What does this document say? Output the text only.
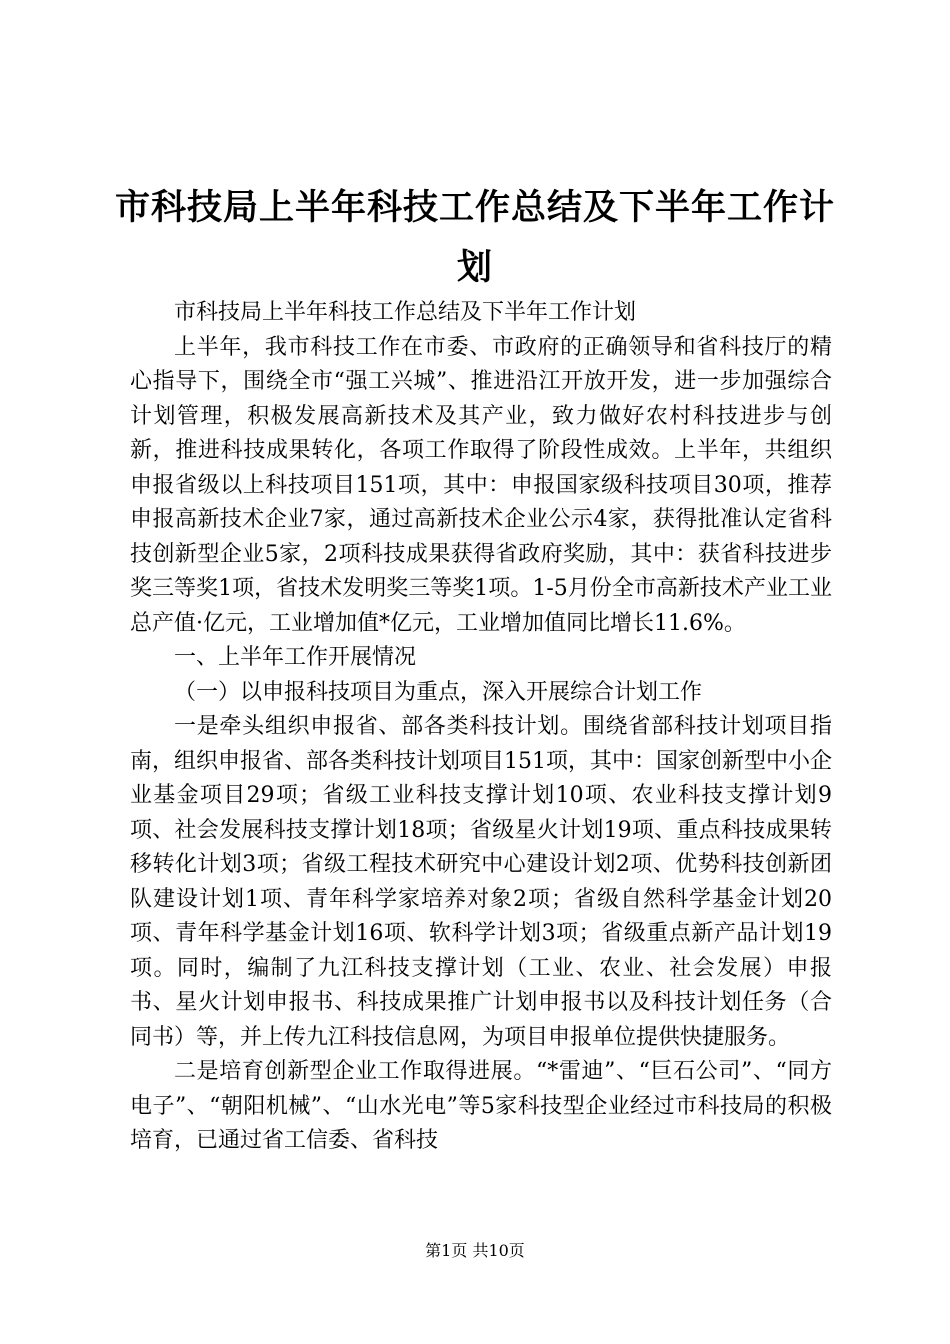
市科技局上半年科技工作总结及下半年工作计划

市科技局上半年科技工作总结及下半年工作计划

上半年，我市科技工作在市委、市政府的正确领导和省科技厅的精心指导下，围绕全市“强工兴城”、推进沿江开放开发，进一步加强综合计划管理，积极发展高新技术及其产业，致力做好农村科技进步与创新，推进科技成果转化，各项工作取得了阶段性成效。上半年，共组织申报省级以上科技项目151项，其中：申报国家级科技项目30项，推荐申报高新技术企业7家，通过高新技术企业公示4家，获得批准认定省科技创新型企业5家，2项科技成果获得省政府奖励，其中：获省科技进步奖三等奖1项，省技术发明奖三等奖1项。1-5月份全市高新技术产业工业总产值·亿元，工业增加值*亿元，工业增加值同比增长11.6%。

一、上半年工作开展情况

（一）以申报科技项目为重点，深入开展综合计划工作

一是牵头组织申报省、部各类科技计划。围绕省部科技计划项目指南，组织申报省、部各类科技计划项目151项，其中：国家创新型中小企业基金项目29项；省级工业科技支撑计划10项、农业科技支撑计划9项、社会发展科技支撑计划18项；省级星火计划19项、重点科技成果转移转化计划3项；省级工程技术研究中心建设计划2项、优势科技创新团队建设计划1项、青年科学家培养对象2项；省级自然科学基金计划20项、青年科学基金计划16项、软科学计划3项；省级重点新产品计划19项。同时，编制了九江科技支撑计划（工业、农业、社会发展）申报书、星火计划申报书、科技成果推广计划申报书以及科技计划任务（合同书）等，并上传九江科技信息网，为项目申报单位提供快捷服务。

二是培育创新型企业工作取得进展。“*雷迪”、“巨石公司”、“同方电子”、“朝阳机械”、“山水光电”等5家科技型企业经过市科技局的积极培育，已通过省工信委、省科技

第1页 共10页
